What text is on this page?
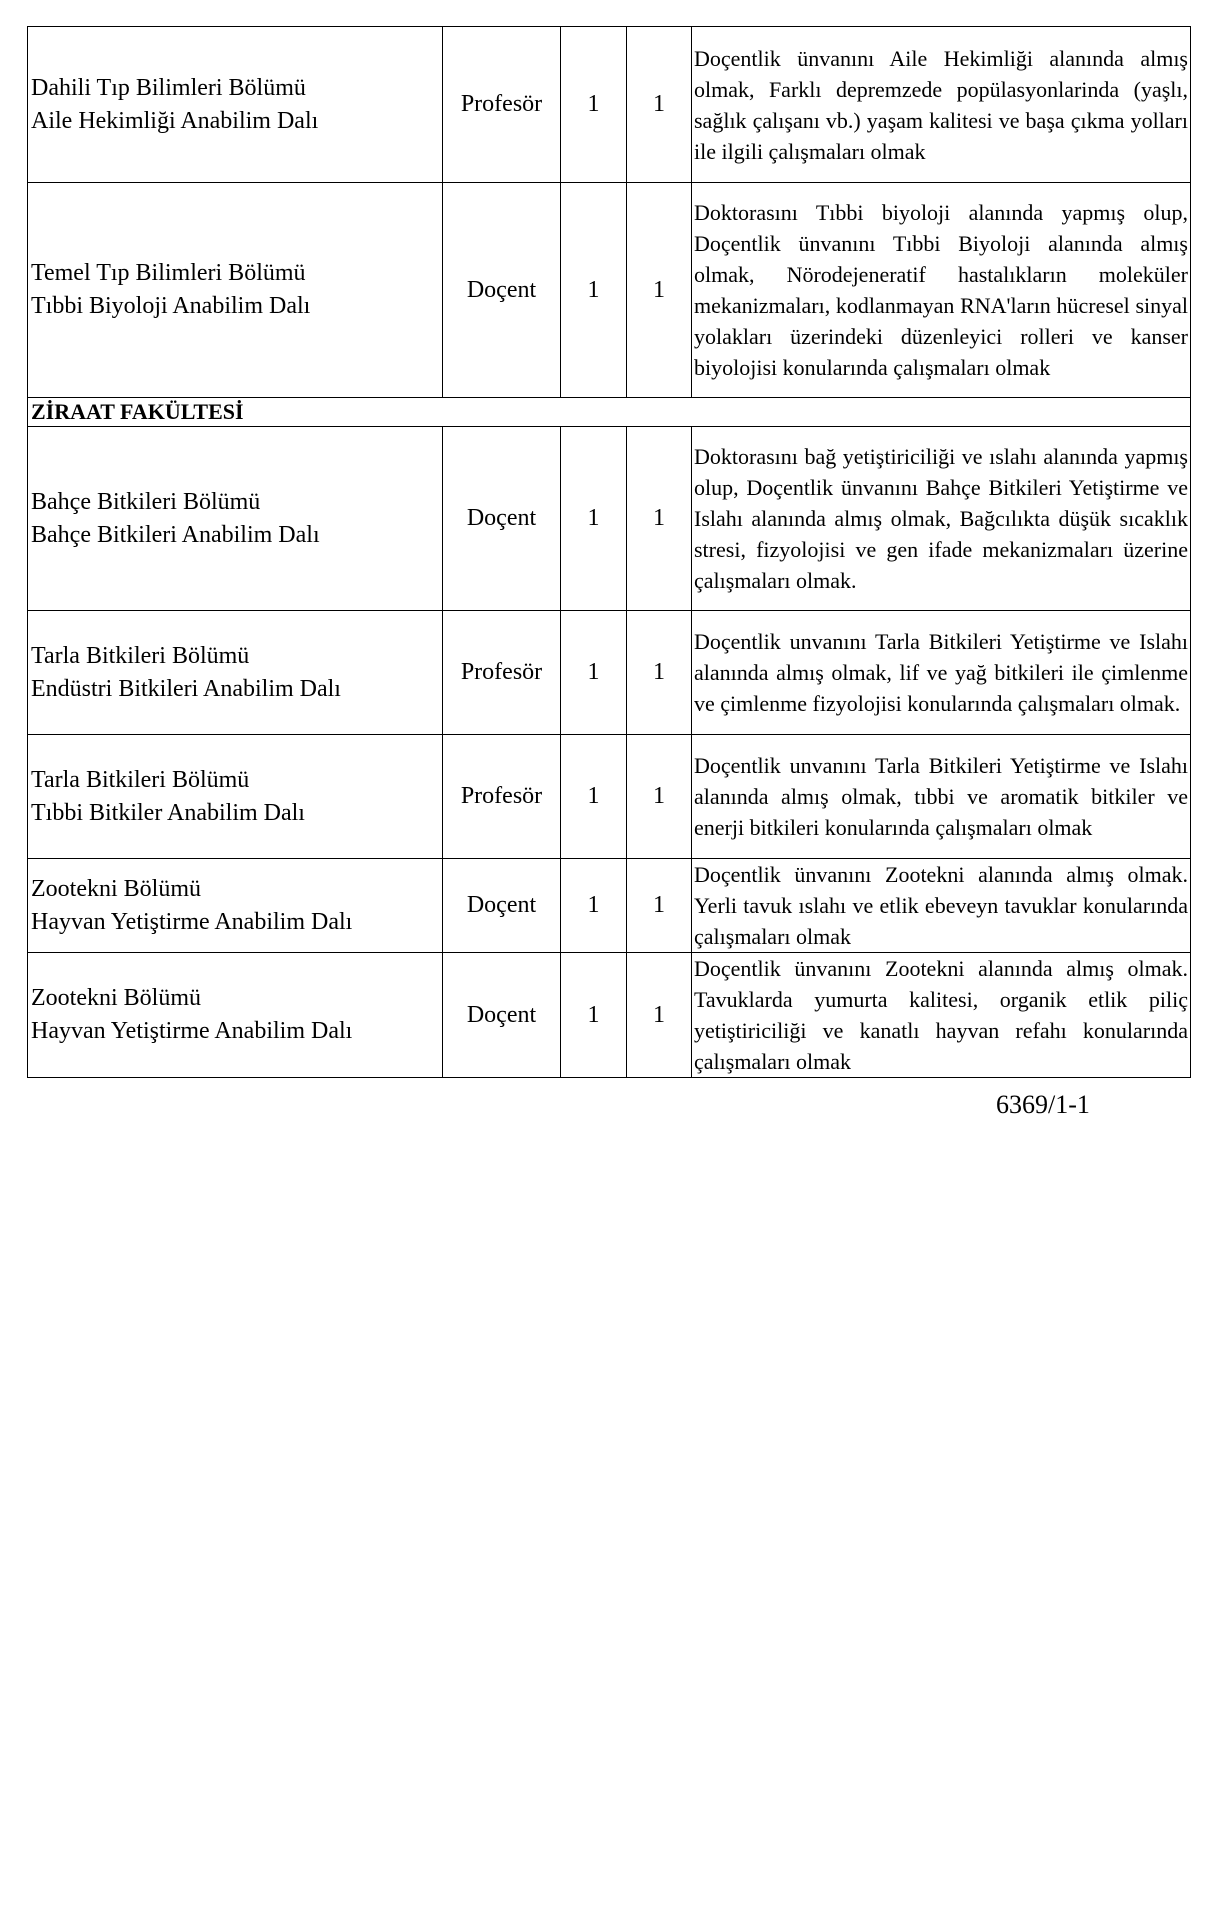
Dahili Tıp Bilimleri Bölümü
Aile Hekimliği Anabilim Dalı	Profesör	1	1	Doçentlik ünvanını Aile Hekimliği alanında almış olmak, Farklı depremzede popülasyonlarinda (yaşlı, sağlık çalışanı vb.) yaşam kalitesi ve başa çıkma yolları ile ilgili çalışmaları olmak

Temel Tıp Bilimleri Bölümü
Tıbbi Biyoloji Anabilim Dalı	Doçent	1	1	Doktorasını Tıbbi biyoloji alanında yapmış olup, Doçentlik ünvanını Tıbbi Biyoloji alanında almış olmak, Nörodejeneratif hastalıkların moleküler mekanizmaları, kodlanmayan RNA'ların hücresel sinyal yolakları üzerindeki düzenleyici rolleri ve kanser biyolojisi konularında çalışmaları olmak
ZİRAAT FAKÜLTESİ				

Bahçe Bitkileri Bölümü
Bahçe Bitkileri Anabilim Dalı	Doçent	1	1	Doktorasını bağ yetiştiriciliği ve ıslahı alanında yapmış olup, Doçentlik ünvanını Bahçe Bitkileri Yetiştirme ve Islahı alanında almış olmak, Bağcılıkta düşük sıcaklık stresi, fizyolojisi ve gen ifade mekanizmaları üzerine çalışmaları olmak.

Tarla Bitkileri Bölümü
Endüstri Bitkileri Anabilim Dalı	Profesör	1	1	Doçentlik unvanını Tarla Bitkileri Yetiştirme ve Islahı alanında almış olmak, lif ve yağ bitkileri ile çimlenme ve çimlenme fizyolojisi konularında çalışmaları olmak.

Tarla Bitkileri Bölümü
Tıbbi Bitkiler Anabilim Dalı	Profesör	1	1	Doçentlik unvanını Tarla Bitkileri Yetiştirme ve Islahı alanında almış olmak, tıbbi ve aromatik bitkiler ve enerji bitkileri konularında çalışmaları olmak

Zootekni Bölümü
Hayvan Yetiştirme Anabilim Dalı	Doçent	1	1	Doçentlik ünvanını Zootekni alanında almış olmak. Yerli tavuk ıslahı ve etlik ebeveyn tavuklar konularında çalışmaları olmak

Zootekni Bölümü
Hayvan Yetiştirme Anabilim Dalı	Doçent	1	1	Doçentlik ünvanını Zootekni alanında almış olmak. Tavuklarda yumurta kalitesi, organik etlik piliç yetiştiriciliği ve kanatlı hayvan refahı konularında çalışmaları olmak
6369/1-1
